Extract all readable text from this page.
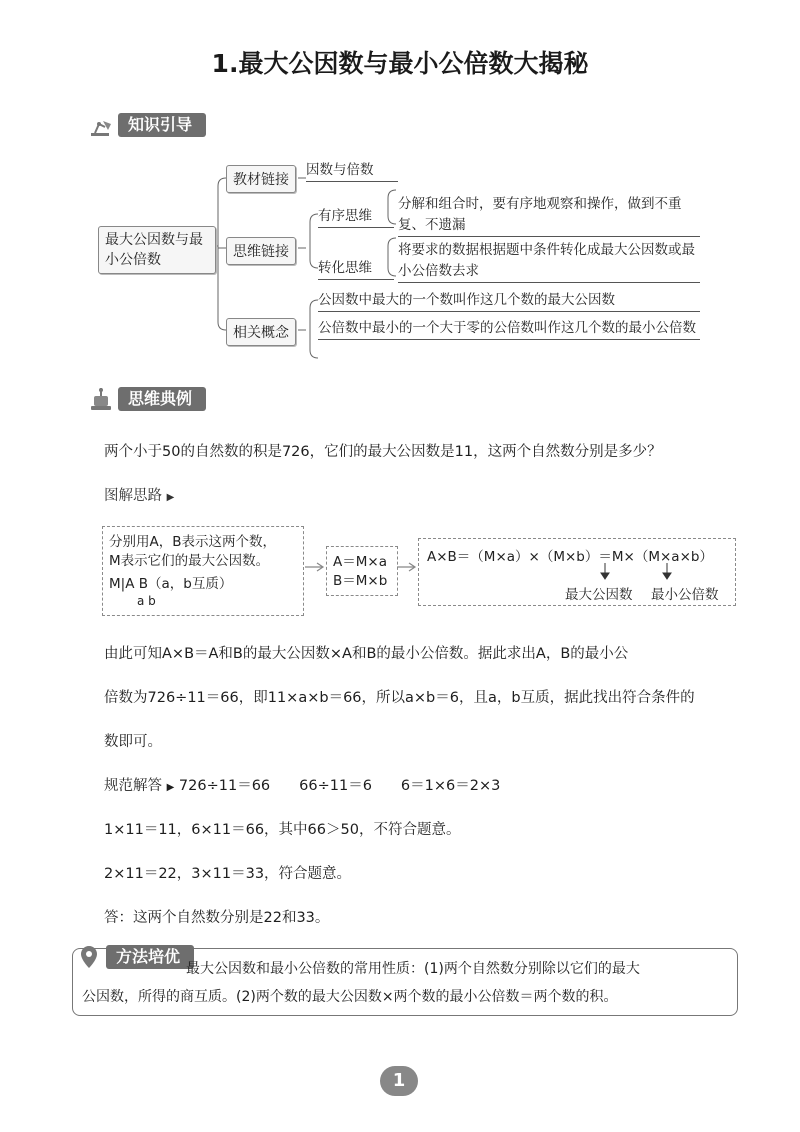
1.最大公因数与最小公倍数大揭秘
知识引导
最大公因数与最小公倍数
教材链接
思维链接
相关概念
因数与倍数
有序思维
分解和组合时，要有序地观察和操作，做到不重复、不遗漏
转化思维
将要求的数据根据题中条件转化成最大公因数或最小公倍数去求
公因数中最大的一个数叫作这几个数的最大公因数
公倍数中最小的一个大于零的公倍数叫作这几个数的最小公倍数
思维典例
两个小于50的自然数的积是726，它们的最大公因数是11，这两个自然数分别是多少？
图解思路 ▶
分别用A，B表示这两个数，
M表示它们的最大公因数。
M|A B（a，b互质）
a b
A＝M×a
B＝M×b
A×B＝（M×a）×（M×b）＝M×（M×a×b）
最大公因数 最小公倍数
由此可知A×B＝A和B的最大公因数×A和B的最小公倍数。据此求出A，B的最小公
倍数为726÷11＝66，即11×a×b＝66，所以a×b＝6，且a，b互质，据此找出符合条件的
数即可。
规范解答 ▶ 726÷11＝66　　66÷11＝6　　6＝1×6＝2×3
1×11＝11，6×11＝66，其中66＞50，不符合题意。
2×11＝22，3×11＝33，符合题意。
答：这两个自然数分别是22和33。
方法培优
最大公因数和最小公倍数的常用性质：(1)两个自然数分别除以它们的最大
公因数，所得的商互质。(2)两个数的最大公因数×两个数的最小公倍数＝两个数的积。
1
